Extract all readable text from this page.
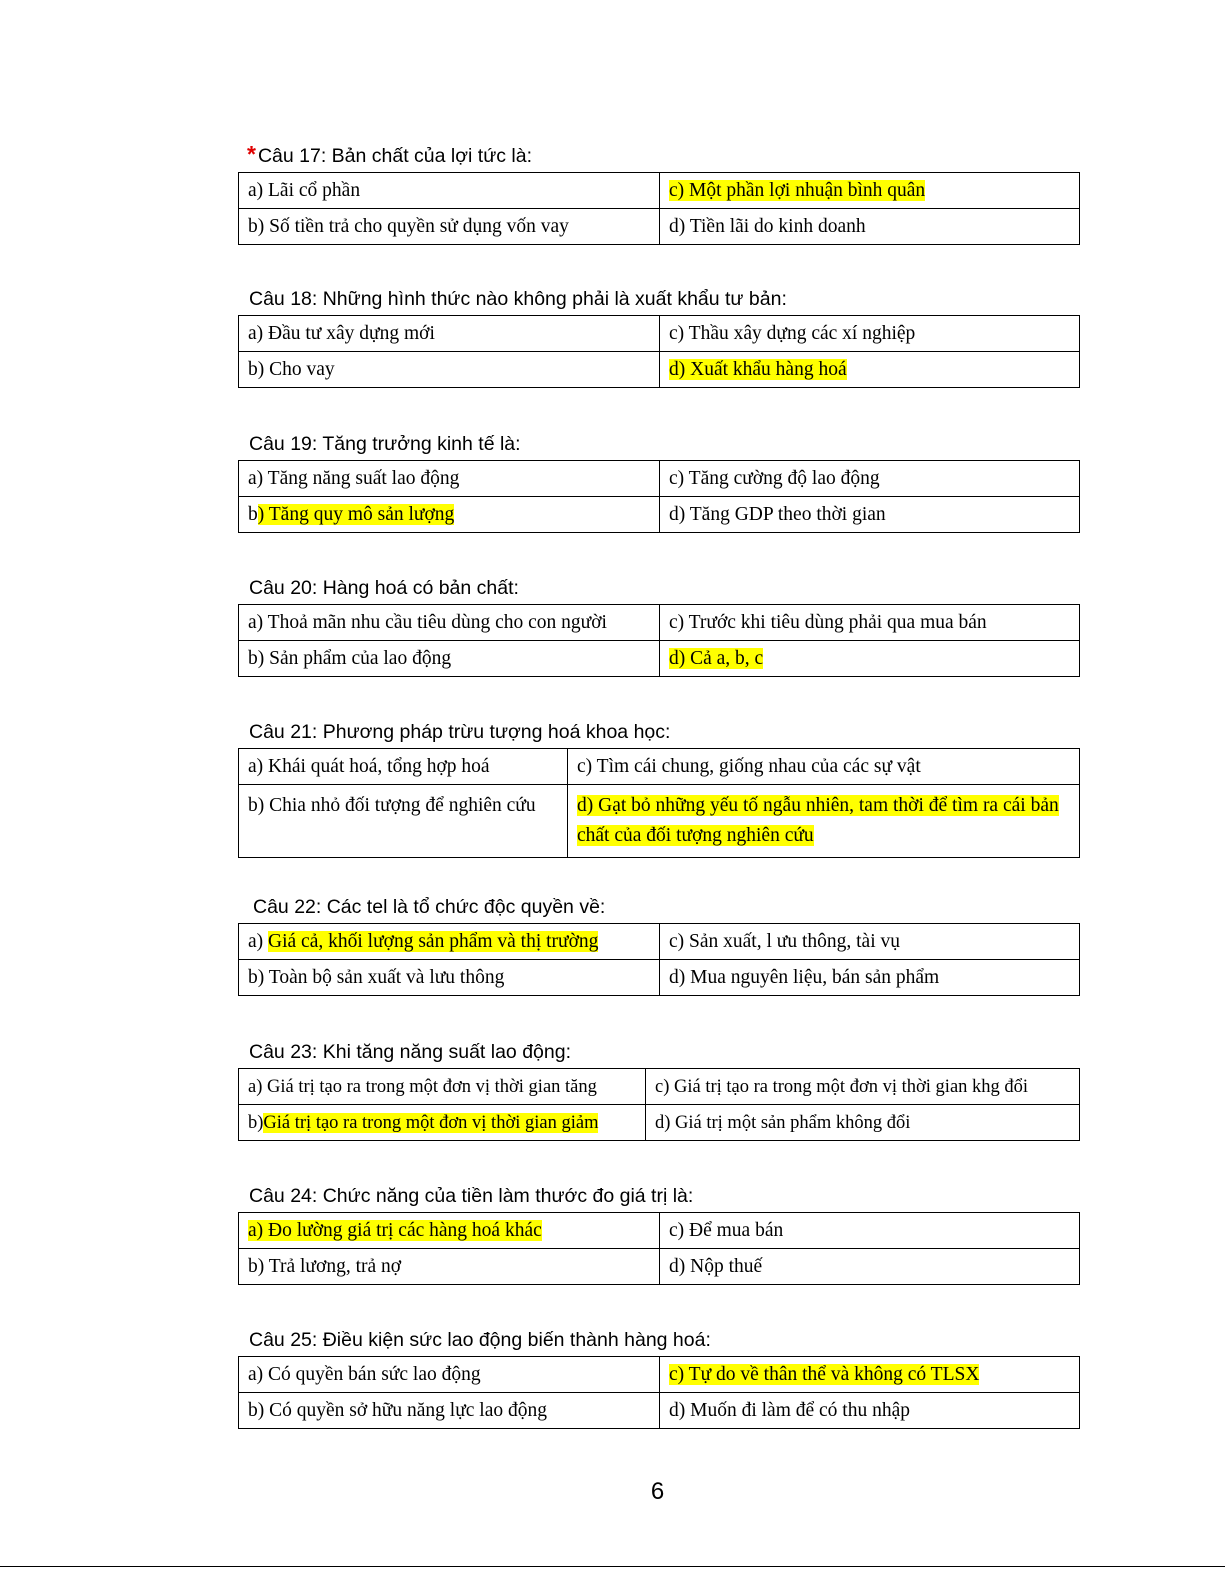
* Câu 17: Bản chất của lợi tức là:
a) Lãi cổ phần	c) Một phần lợi nhuận bình quân
b) Số tiền trả cho quyền sử dụng vốn vay	d) Tiền lãi do kinh doanh
Câu 18: Những hình thức nào không phải là xuất khẩu tư bản:
a) Đầu tư xây dựng mới	c) Thầu xây dựng các xí nghiệp
b) Cho vay	d) Xuất khẩu hàng hoá
Câu 19: Tăng trưởng kinh tế là:
a) Tăng năng suất lao động	c) Tăng cường độ lao động
b) Tăng quy mô sản lượng	d) Tăng GDP theo thời gian
Câu 20: Hàng hoá có bản chất:
a) Thoả mãn nhu cầu tiêu dùng cho con người	c) Trước khi tiêu dùng phải qua mua bán
b) Sản phẩm của lao động	d) Cả a, b, c
Câu 21: Phương pháp trừu tượng hoá khoa học:
a) Khái quát hoá, tổng hợp hoá	c) Tìm cái chung, giống nhau của các sự vật
b) Chia nhỏ đối tượng để nghiên cứu	d) Gạt bỏ những yếu tố ngẫu nhiên, tam thời để tìm ra cái bản chất của đối tượng nghiên cứu
Câu 22: Các tel là tổ chức độc quyền về:
a) Giá cả, khối lượng sản phẩm và thị trường	c) Sản xuất, l ưu thông, tài vụ
b) Toàn bộ sản xuất và lưu thông	d) Mua nguyên liệu, bán sản phẩm
Câu 23: Khi tăng năng suất lao động:
a) Giá trị tạo ra trong một đơn vị thời gian tăng	c) Giá trị tạo ra trong một đơn vị thời gian khg đổi
b)Giá trị tạo ra trong một đơn vị thời gian giảm	d) Giá trị một sản phẩm không đổi
Câu 24: Chức năng của tiền làm thước đo giá trị là:
a) Đo lường giá trị các hàng hoá khác	c) Để mua bán
b) Trả lương, trả nợ	d) Nộp thuế
Câu 25: Điều kiện sức lao động biến thành hàng hoá:
a) Có quyền bán sức lao động	c) Tự do về thân thể và không có TLSX
b) Có quyền sở hữu năng lực lao động	d) Muốn đi làm để có thu nhập
6
